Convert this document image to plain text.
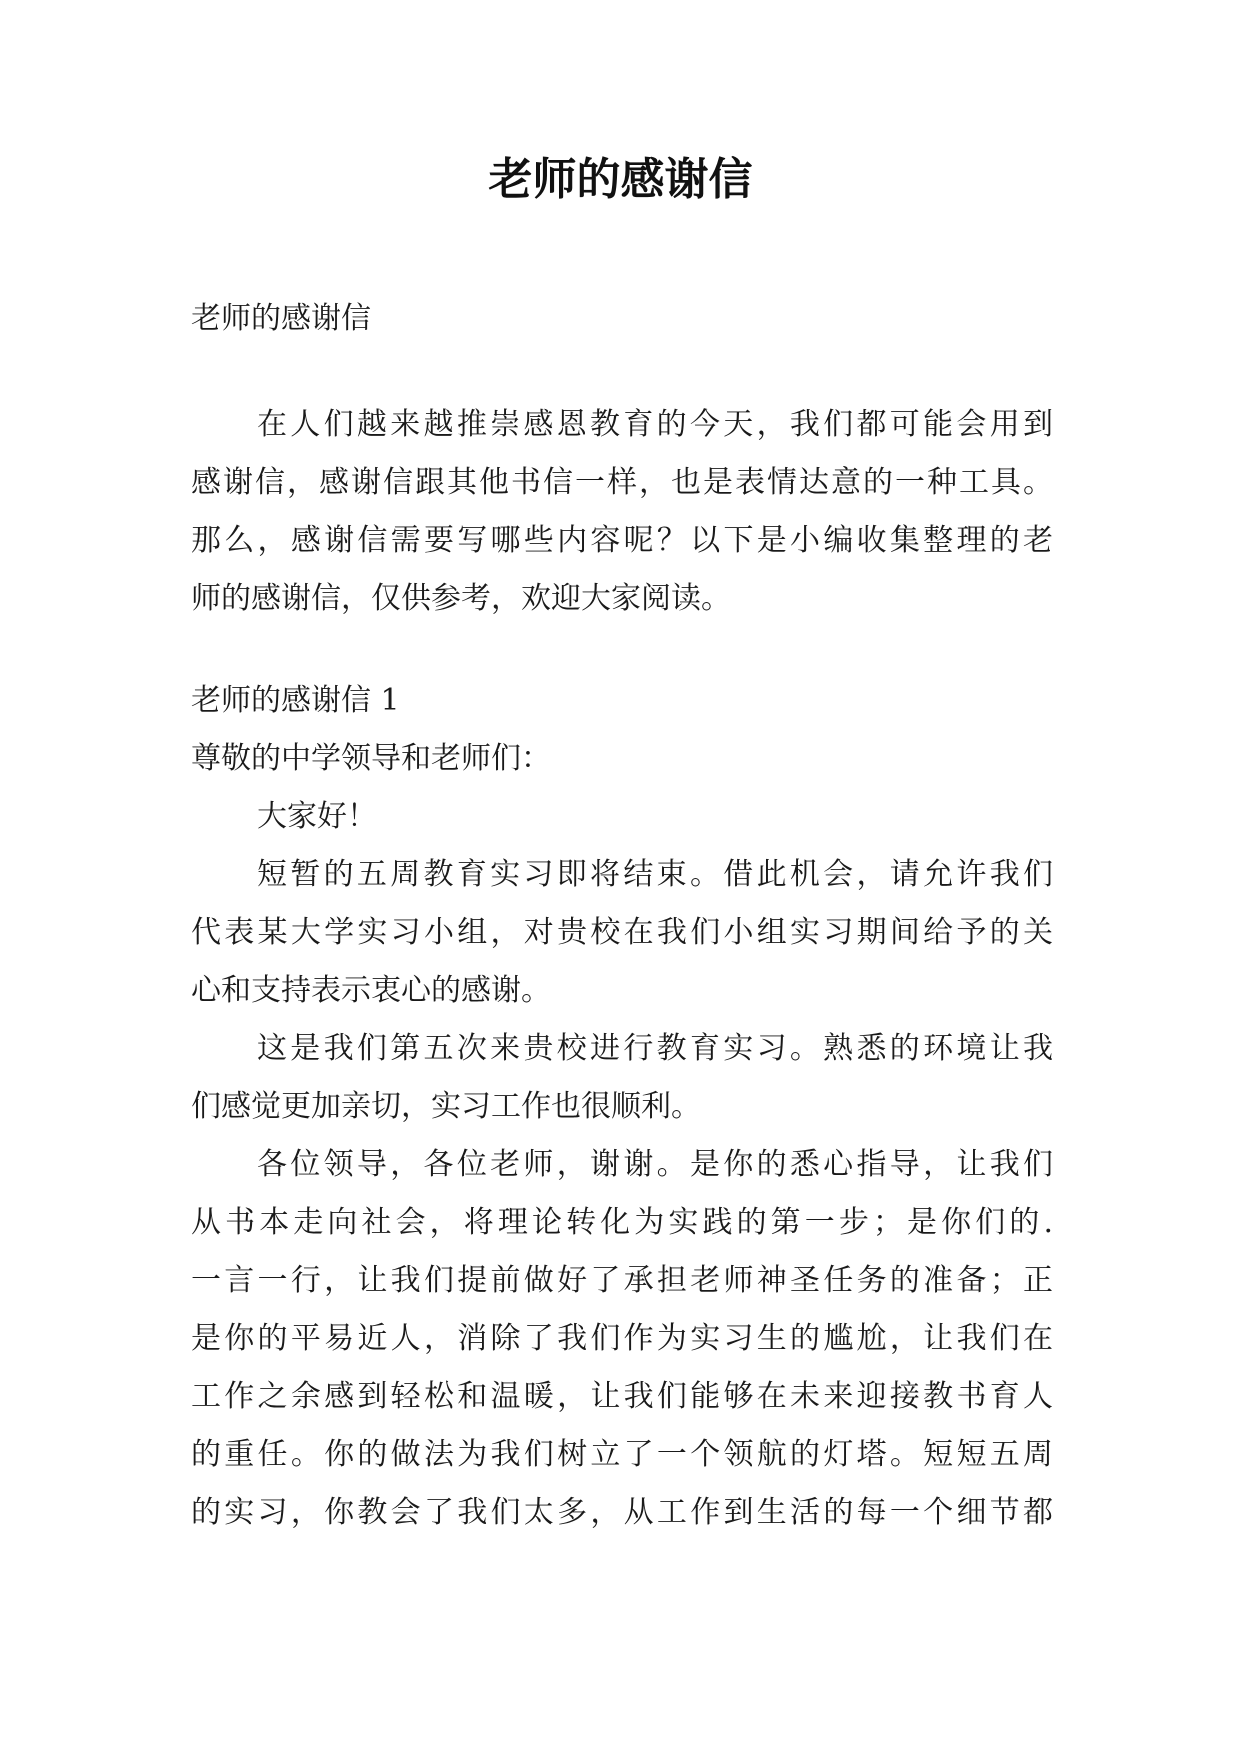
老师的感谢信
老师的感谢信
在人们越来越推崇感恩教育的今天，我们都可能会用到
感谢信，感谢信跟其他书信一样，也是表情达意的一种工具。
那么，感谢信需要写哪些内容呢？以下是小编收集整理的老
师的感谢信，仅供参考，欢迎大家阅读。
老师的感谢信 1
尊敬的中学领导和老师们：
大家好！
短暂的五周教育实习即将结束。借此机会，请允许我们
代表某大学实习小组，对贵校在我们小组实习期间给予的关
心和支持表示衷心的感谢。
这是我们第五次来贵校进行教育实习。熟悉的环境让我
们感觉更加亲切，实习工作也很顺利。
各位领导，各位老师，谢谢。是你的悉心指导，让我们
从书本走向社会，将理论转化为实践的第一步；是你们的.
一言一行，让我们提前做好了承担老师神圣任务的准备；正
是你的平易近人，消除了我们作为实习生的尴尬，让我们在
工作之余感到轻松和温暖，让我们能够在未来迎接教书育人
的重任。你的做法为我们树立了一个领航的灯塔。短短五周
的实习，你教会了我们太多，从工作到生活的每一个细节都
